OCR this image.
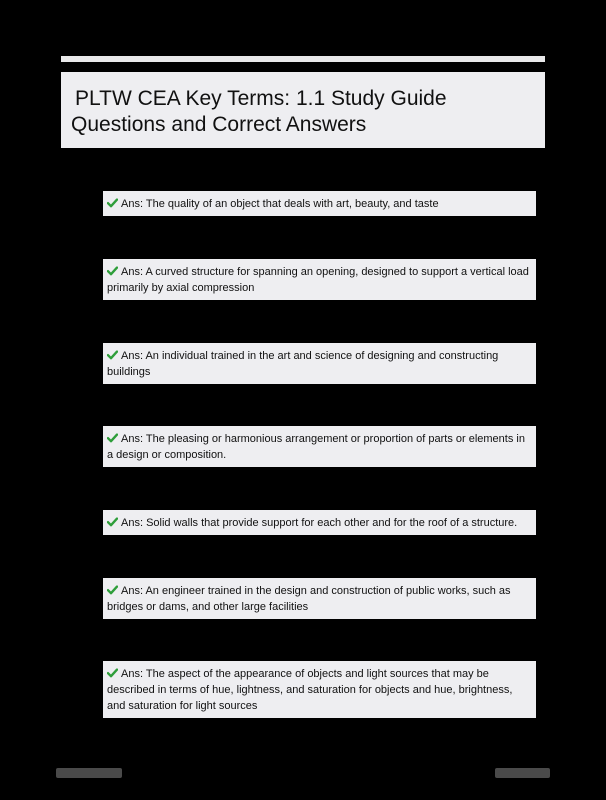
PLTW CEA Key Terms: 1.1 Study Guide
Questions and Correct Answers
Ans: The quality of an object that deals with art, beauty, and taste
Ans: A curved structure for spanning an opening, designed to support a vertical load primarily by axial compression
Ans: An individual trained in the art and science of designing and constructing buildings
Ans: The pleasing or harmonious arrangement or proportion of parts or elements in a design or composition.
Ans: Solid walls that provide support for each other and for the roof of a structure.
Ans: An engineer trained in the design and construction of public works, such as bridges or dams, and other large facilities
Ans: The aspect of the appearance of objects and light sources that may be described in terms of hue, lightness, and saturation for objects and hue, brightness, and saturation for light sources
